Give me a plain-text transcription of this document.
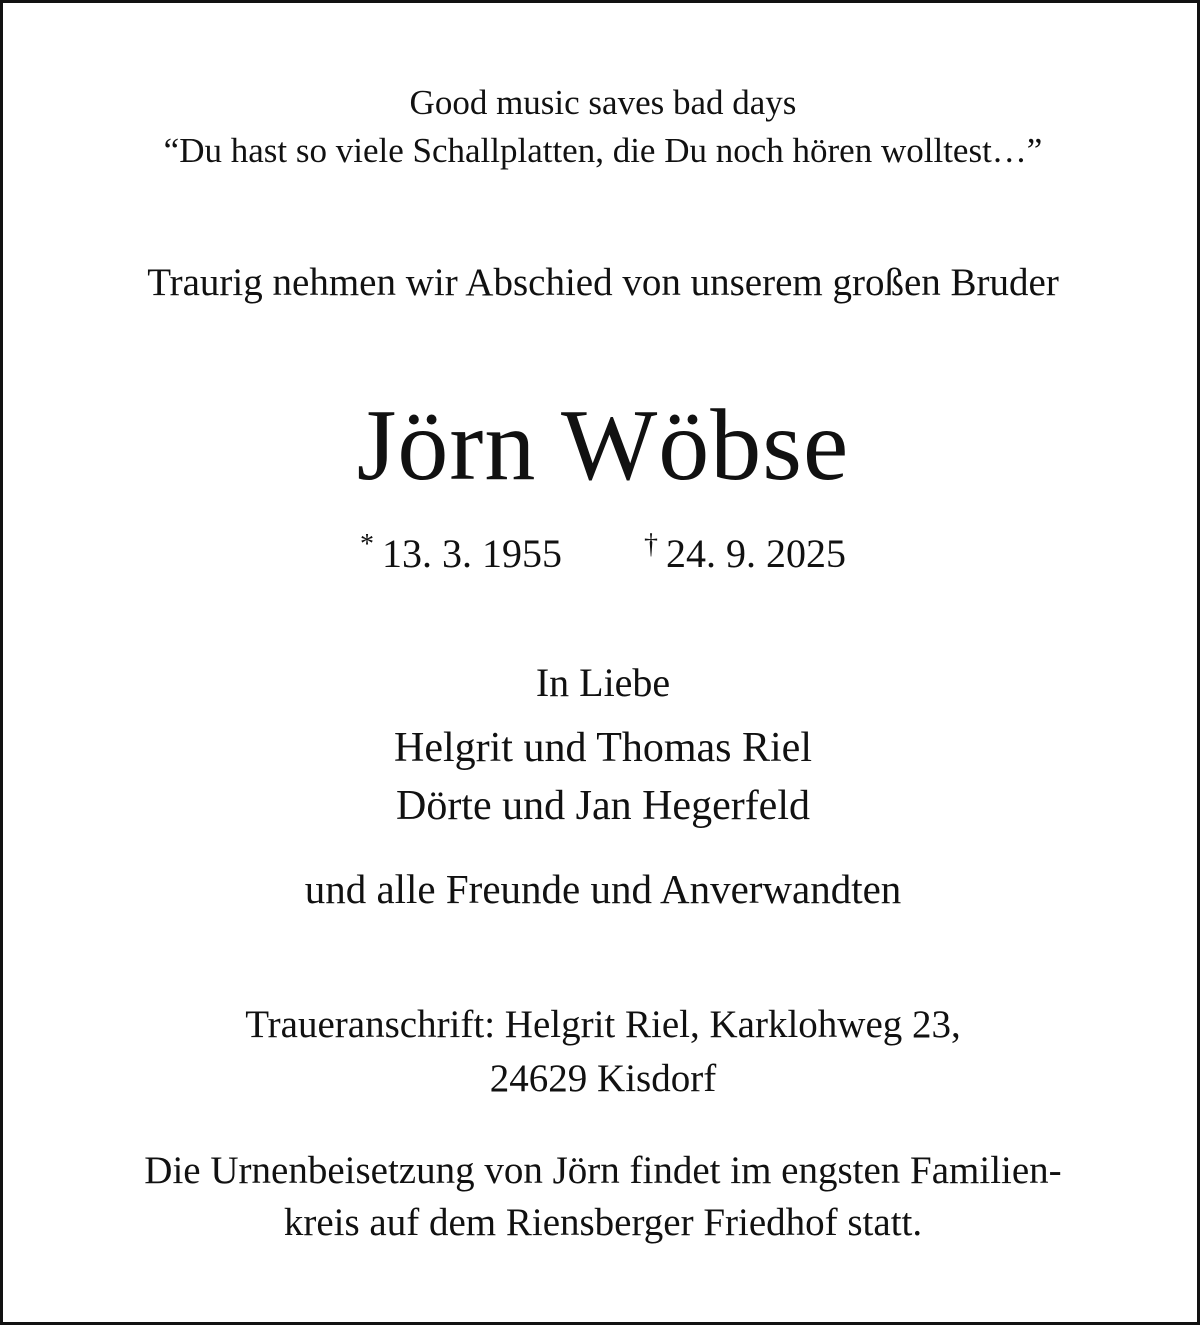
Good music saves bad days
“Du hast so viele Schallplatten, die Du noch hören wolltest…”
Traurig nehmen wir Abschied von unserem großen Bruder
Jörn Wöbse
* 13. 3. 1955	† 24. 9. 2025
In Liebe
Helgrit und Thomas Riel
Dörte und Jan Hegerfeld
und alle Freunde und Anverwandten
Traueranschrift: Helgrit Riel, Karklohweg 23,
24629 Kisdorf
Die Urnenbeisetzung von Jörn findet im engsten Familien-
kreis auf dem Riensberger Friedhof statt.
